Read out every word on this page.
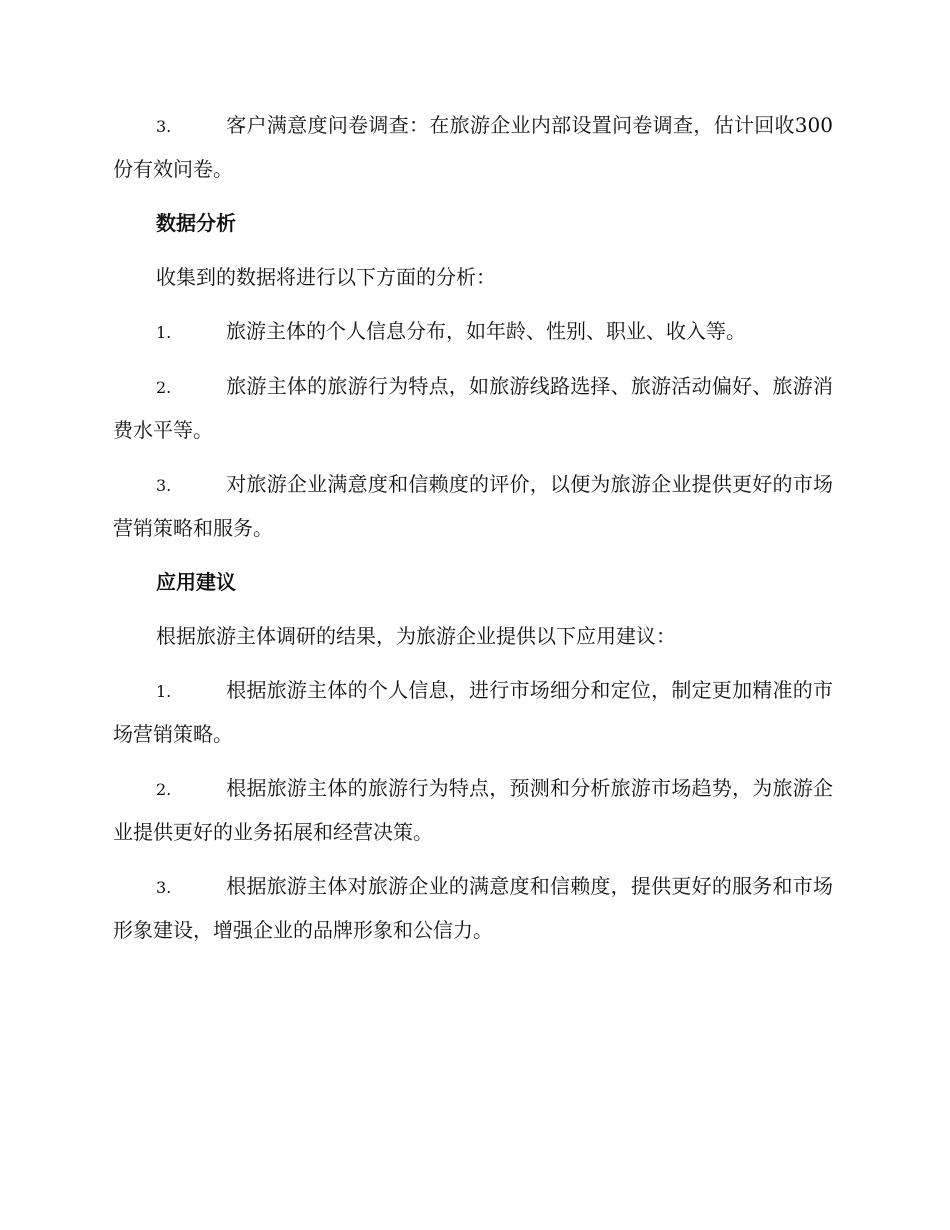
3.	客户满意度问卷调查：在旅游企业内部设置问卷调查，估计回收300份有效问卷。
数据分析
收集到的数据将进行以下方面的分析：
1.	旅游主体的个人信息分布，如年龄、性别、职业、收入等。
2.	旅游主体的旅游行为特点，如旅游线路选择、旅游活动偏好、旅游消费水平等。
3.	对旅游企业满意度和信赖度的评价，以便为旅游企业提供更好的市场营销策略和服务。
应用建议
根据旅游主体调研的结果，为旅游企业提供以下应用建议：
1.	根据旅游主体的个人信息，进行市场细分和定位，制定更加精准的市场营销策略。
2.	根据旅游主体的旅游行为特点，预测和分析旅游市场趋势，为旅游企业提供更好的业务拓展和经营决策。
3.	根据旅游主体对旅游企业的满意度和信赖度，提供更好的服务和市场形象建设，增强企业的品牌形象和公信力。
